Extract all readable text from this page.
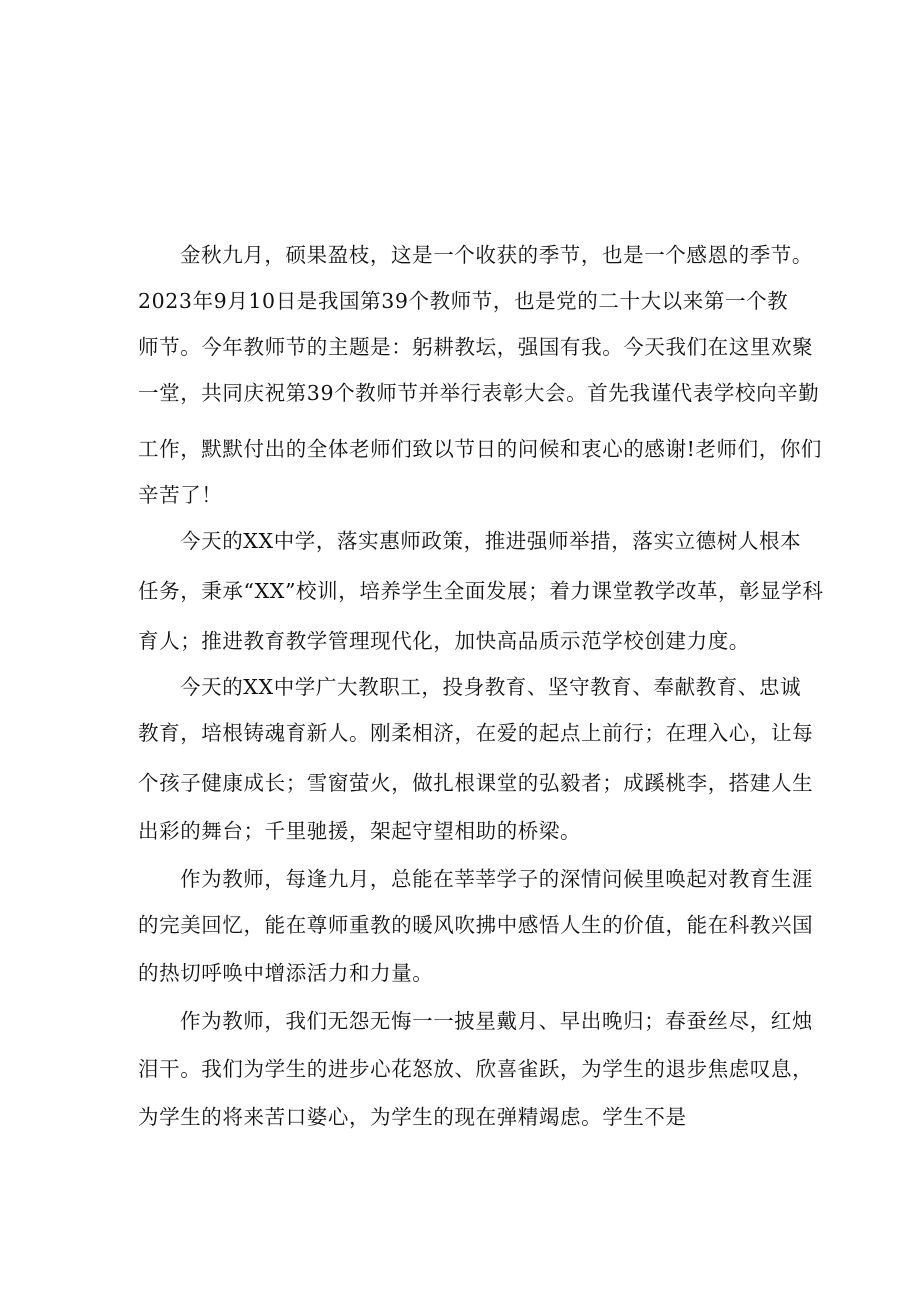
金秋九月，硕果盈枝，这是一个收获的季节，也是一个感恩的季节。
2023年9月10日是我国第39个教师节，也是党的二十大以来第一个教
师节。今年教师节的主题是：躬耕教坛，强国有我。今天我们在这里欢聚
一堂，共同庆祝第39个教师节并举行表彰大会。首先我谨代表学校向辛勤
工作，默默付出的全体老师们致以节日的问候和衷心的感谢!老师们，你们
辛苦了！
今天的XX中学，落实惠师政策，推进强师举措，落实立德树人根本
任务，秉承“XX”校训，培养学生全面发展；着力课堂教学改革，彰显学科
育人；推进教育教学管理现代化，加快高品质示范学校创建力度。
今天的XX中学广大教职工，投身教育、坚守教育、奉献教育、忠诚
教育，培根铸魂育新人。刚柔相济，在爱的起点上前行；在理入心，让每
个孩子健康成长；雪窗萤火，做扎根课堂的弘毅者；成蹊桃李，搭建人生
出彩的舞台；千里驰援，架起守望相助的桥梁。
作为教师，每逢九月，总能在莘莘学子的深情问候里唤起对教育生涯
的完美回忆，能在尊师重教的暖风吹拂中感悟人生的价值，能在科教兴国
的热切呼唤中增添活力和力量。
作为教师，我们无怨无悔一一披星戴月、早出晚归；春蚕丝尽，红烛
泪干。我们为学生的进步心花怒放、欣喜雀跃，为学生的退步焦虑叹息，
为学生的将来苦口婆心，为学生的现在弹精竭虑。学生不是
